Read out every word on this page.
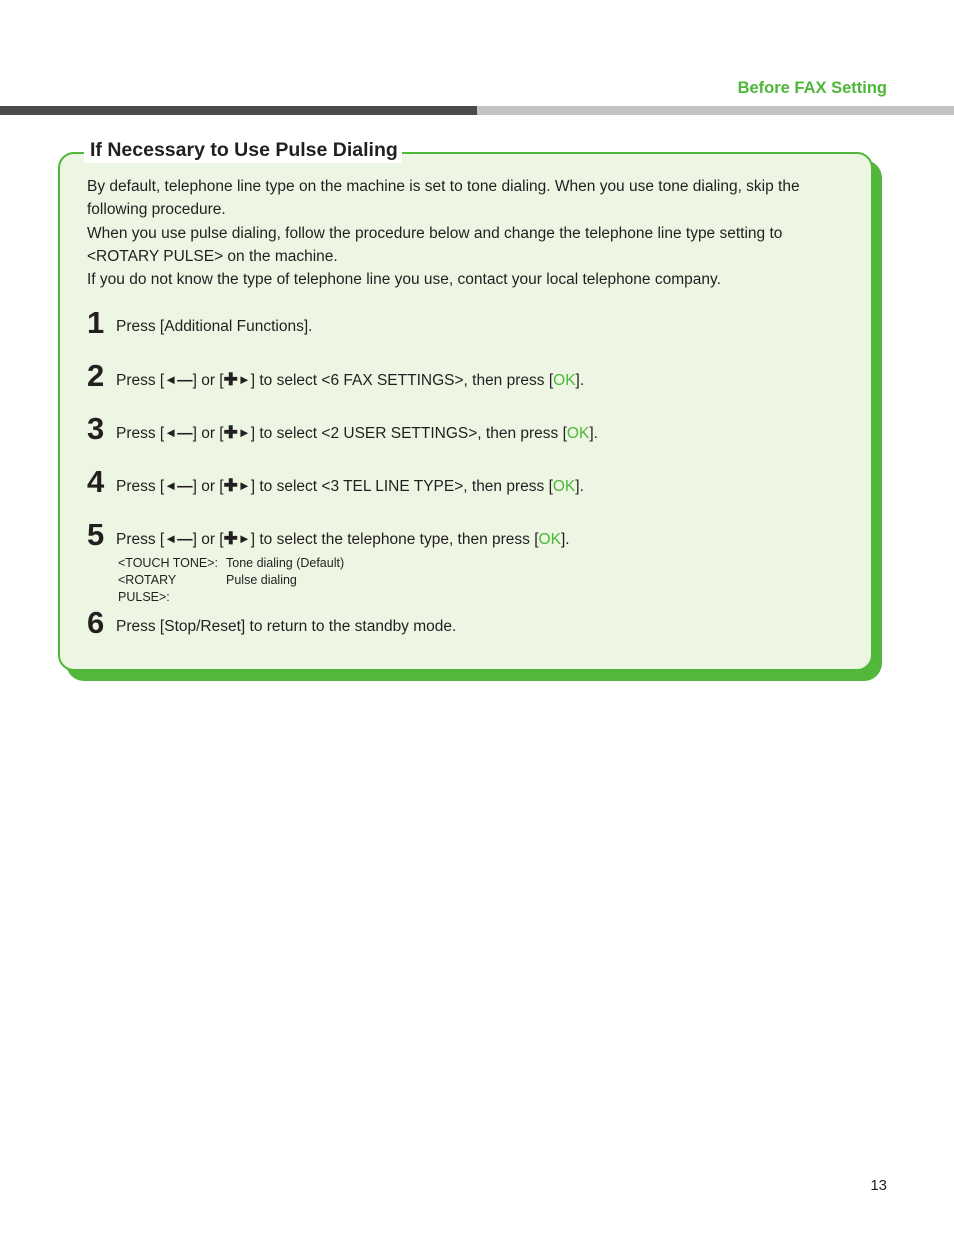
Before FAX Setting
If Necessary to Use Pulse Dialing

By default, telephone line type on the machine is set to tone dialing. When you use tone dialing, skip the following procedure.

When you use pulse dialing, follow the procedure below and change the telephone line type setting to <ROTARY PULSE> on the machine.

If you do not know the type of telephone line you use, contact your local telephone company.

1 Press [Additional Functions].
2 Press [◄—] or [✚►] to select <6 FAX SETTINGS>, then press [OK].
3 Press [◄—] or [✚►] to select <2 USER SETTINGS>, then press [OK].
4 Press [◄—] or [✚►] to select <3 TEL LINE TYPE>, then press [OK].
5 Press [◄—] or [✚►] to select the telephone type, then press [OK].
<TOUCH TONE>: Tone dialing (Default)
<ROTARY PULSE>:
Pulse dialing
6 Press [Stop/Reset] to return to the standby mode.
13
